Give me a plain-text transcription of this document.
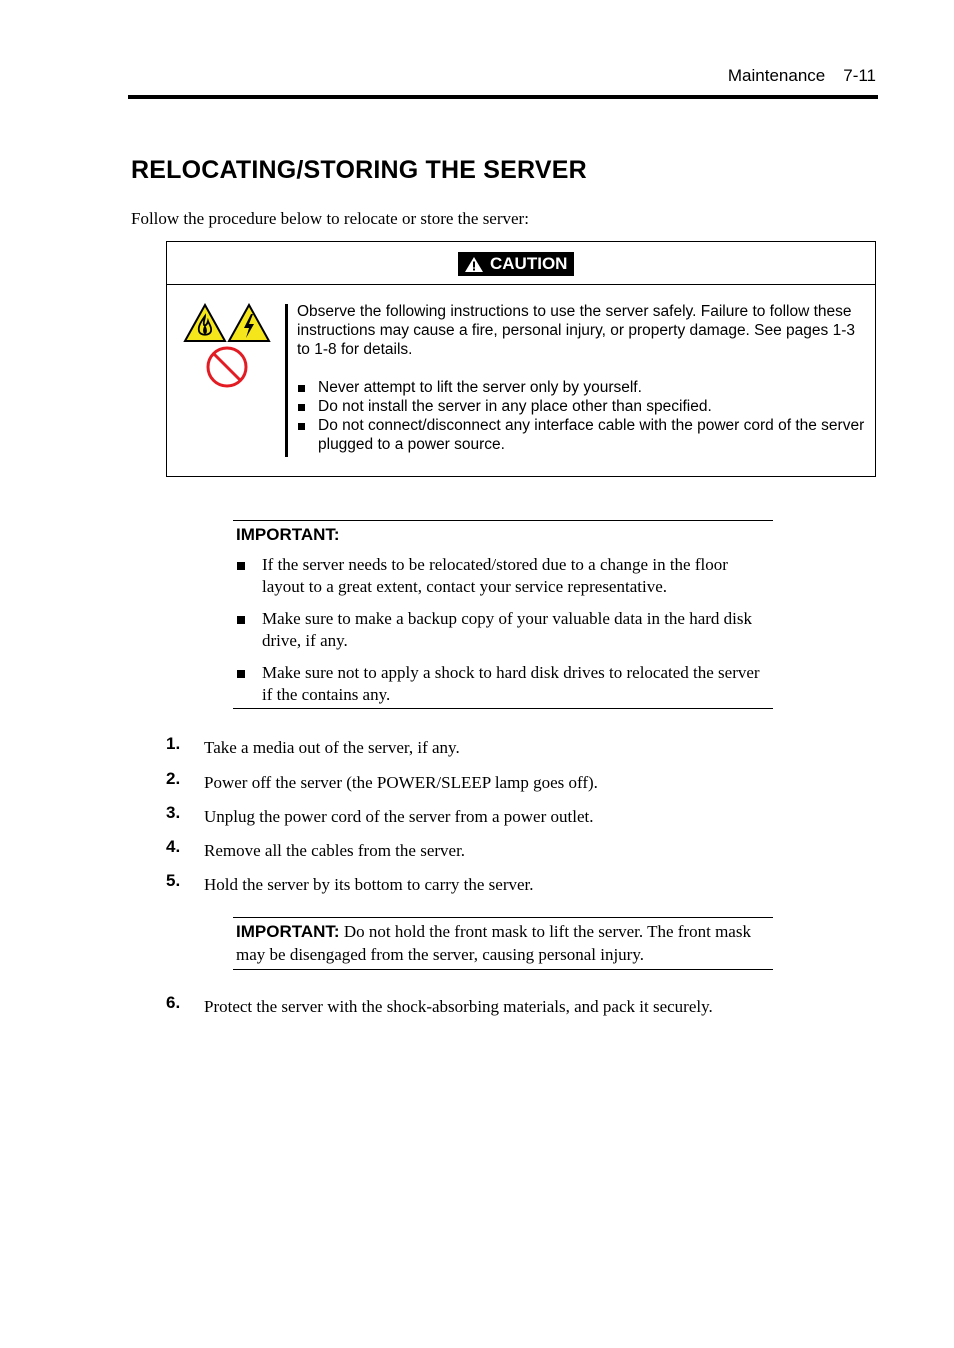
Maintenance 7-11
RELOCATING/STORING THE SERVER
Follow the procedure below to relocate or store the server:
CAUTION

Observe the following instructions to use the server safely. Failure to follow these instructions may cause a fire, personal injury, or property damage. See pages 1-3 to 1-8 for details.

Never attempt to lift the server only by yourself.
Do not install the server in any place other than specified.
Do not connect/disconnect any interface cable with the power cord of the server plugged to a power source.
IMPORTANT:
If the server needs to be relocated/stored due to a change in the floor layout to a great extent, contact your service representative.
Make sure to make a backup copy of your valuable data in the hard disk drive, if any.
Make sure not to apply a shock to hard disk drives to relocated the server if the contains any.
1. Take a media out of the server, if any.
2. Power off the server (the POWER/SLEEP lamp goes off).
3. Unplug the power cord of the server from a power outlet.
4. Remove all the cables from the server.
5. Hold the server by its bottom to carry the server.
IMPORTANT: Do not hold the front mask to lift the server. The front mask may be disengaged from the server, causing personal injury.
6. Protect the server with the shock-absorbing materials, and pack it securely.
